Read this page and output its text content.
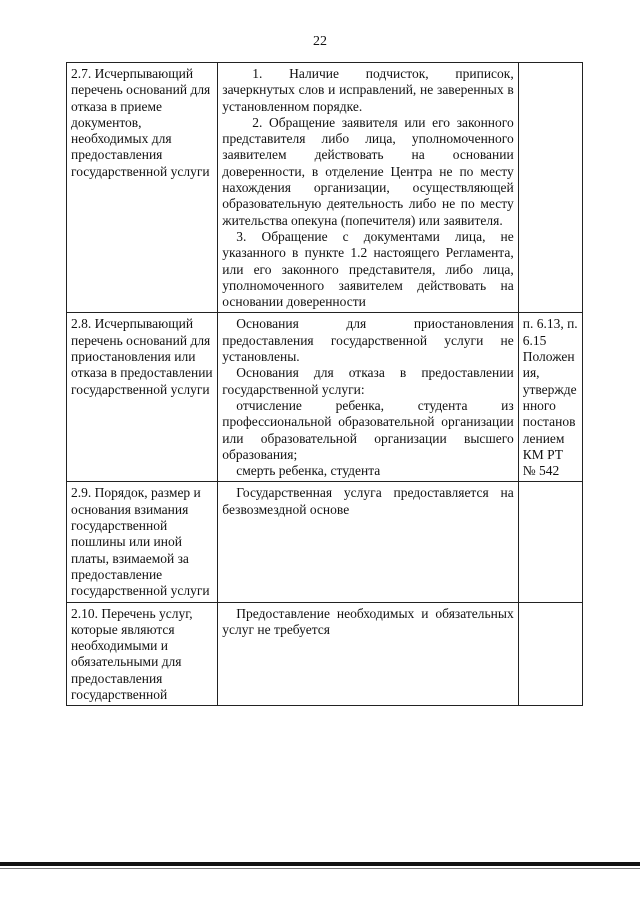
22
2.7. Исчерпывающий перечень оснований для отказа в приеме документов, необходимых для предоставления государственной услуги	1. Наличие подчисток, приписок, зачеркнутых слов и исправлений, не заверенных в установленном порядке.

2. Обращение заявителя или его законного представителя либо лица, уполномоченного заявителем действовать на основании доверенности, в отделение Центра не по месту нахождения организации, осуществляющей образовательную деятельность либо не по месту жительства опекуна (попечителя) или заявителя.

3. Обращение с документами лица, не указанного в пункте 1.2 настоящего Регламента, или его законного представителя, либо лица, уполномоченного заявителем действовать на основании доверенности	

2.8. Исчерпывающий перечень оснований для приостановления или отказа в предоставлении государственной услуги	Основания для приостановления предоставления государственной услуги не установлены.

Основания для отказа в предоставлении государственной услуги:

отчисление ребенка, студента из профессиональной образовательной организации или образовательной организации высшего образования;

смерть ребенка, студента	п. 6.13, п. 6.15 Положения, утвержденного постановлением КМ РТ № 542
2.9. Порядок, размер и основания взимания государственной пошлины или иной платы, взимаемой за предоставление государственной услуги	Государственная услуга предоставляется на безвозмездной основе	

2.10. Перечень услуг, которые являются необходимыми и обязательными для предоставления государственной	Предоставление необходимых и обязательных услуг не требуется	
